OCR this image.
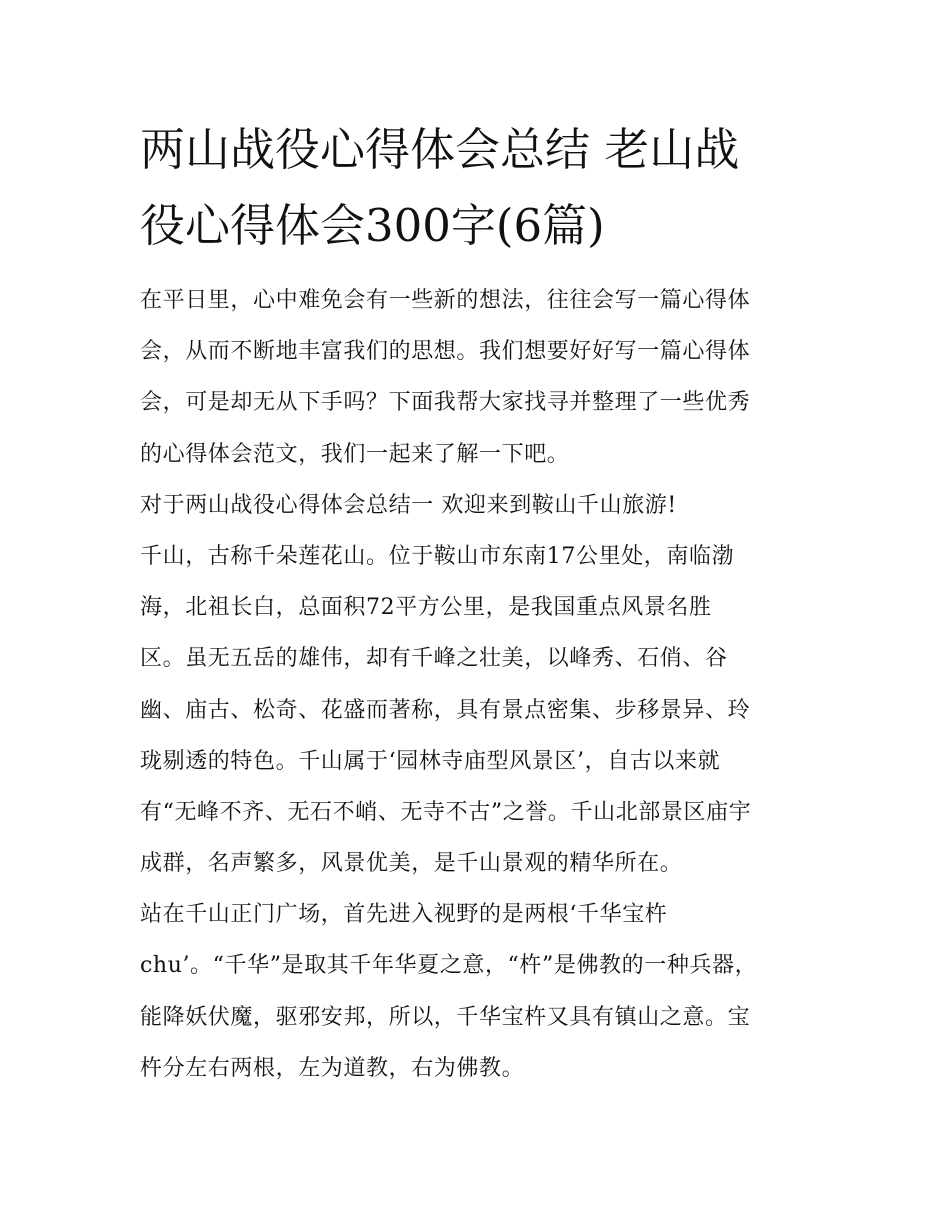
两山战役心得体会总结 老山战
役心得体会300字(6篇)
在平日里，心中难免会有一些新的想法，往往会写一篇心得体
会，从而不断地丰富我们的思想。我们想要好好写一篇心得体
会，可是却无从下手吗？下面我帮大家找寻并整理了一些优秀
的心得体会范文，我们一起来了解一下吧。
对于两山战役心得体会总结一 欢迎来到鞍山千山旅游!
千山，古称千朵莲花山。位于鞍山市东南17公里处，南临渤
海，北祖长白，总面积72平方公里，是我国重点风景名胜
区。虽无五岳的雄伟，却有千峰之壮美，以峰秀、石俏、谷
幽、庙古、松奇、花盛而著称，具有景点密集、步移景异、玲
珑剔透的特色。千山属于‘园林寺庙型风景区’，自古以来就
有“无峰不齐、无石不峭、无寺不古”之誉。千山北部景区庙宇
成群，名声繁多，风景优美，是千山景观的精华所在。
站在千山正门广场，首先进入视野的是两根‘千华宝杵
chu’。“千华”是取其千年华夏之意，“杵”是佛教的一种兵器，
能降妖伏魔，驱邪安邦，所以，千华宝杵又具有镇山之意。宝
杵分左右两根，左为道教，右为佛教。
